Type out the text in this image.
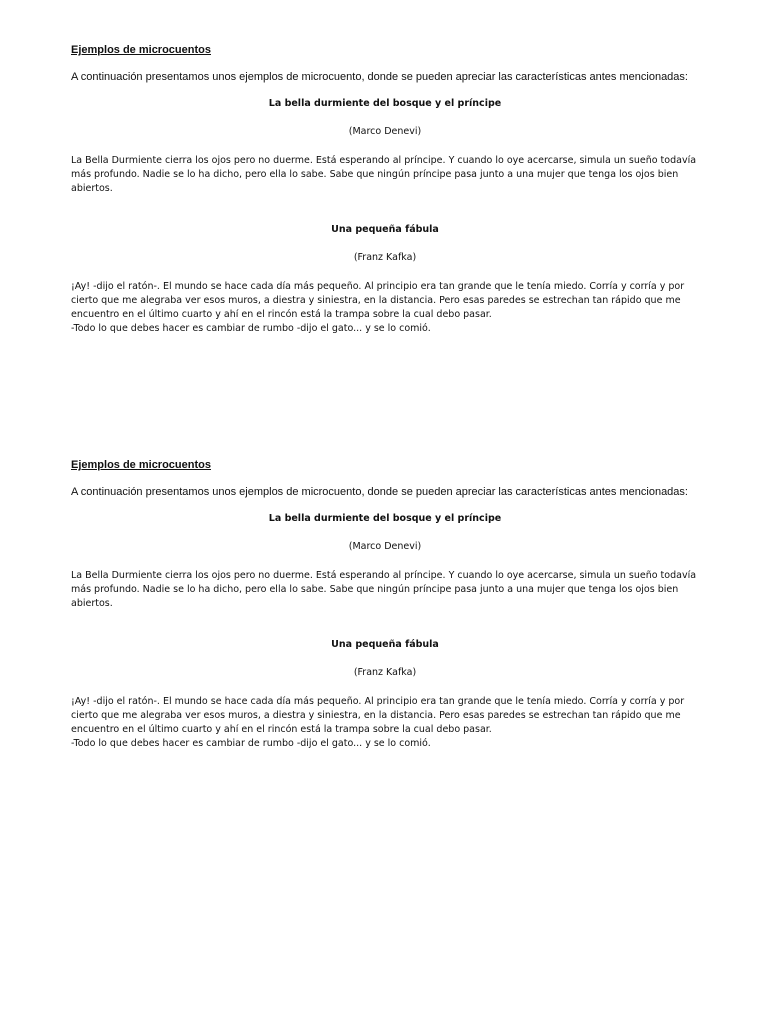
Ejemplos de microcuentos

A continuación presentamos unos ejemplos de microcuento, donde se pueden apreciar las características antes mencionadas:

La bella durmiente del bosque y el príncipe
(Marco Denevi)

La Bella Durmiente cierra los ojos pero no duerme. Está esperando al príncipe. Y cuando lo oye acercarse, simula un sueño todavía más profundo. Nadie se lo ha dicho, pero ella lo sabe. Sabe que ningún príncipe pasa junto a una mujer que tenga los ojos bien abiertos.

Una pequeña fábula
(Franz Kafka)

¡Ay! -dijo el ratón-. El mundo se hace cada día más pequeño. Al principio era tan grande que le tenía miedo. Corría y corría y por cierto que me alegraba ver esos muros, a diestra y siniestra, en la distancia. Pero esas paredes se estrechan tan rápido que me encuentro en el último cuarto y ahí en el rincón está la trampa sobre la cual debo pasar.

-Todo lo que debes hacer es cambiar de rumbo -dijo el gato... y se lo comió.

Ejemplos de microcuentos

A continuación presentamos unos ejemplos de microcuento, donde se pueden apreciar las características antes mencionadas:

La bella durmiente del bosque y el príncipe
(Marco Denevi)

La Bella Durmiente cierra los ojos pero no duerme. Está esperando al príncipe. Y cuando lo oye acercarse, simula un sueño todavía más profundo. Nadie se lo ha dicho, pero ella lo sabe. Sabe que ningún príncipe pasa junto a una mujer que tenga los ojos bien abiertos.

Una pequeña fábula
(Franz Kafka)

¡Ay! -dijo el ratón-. El mundo se hace cada día más pequeño. Al principio era tan grande que le tenía miedo. Corría y corría y por cierto que me alegraba ver esos muros, a diestra y siniestra, en la distancia. Pero esas paredes se estrechan tan rápido que me encuentro en el último cuarto y ahí en el rincón está la trampa sobre la cual debo pasar.

-Todo lo que debes hacer es cambiar de rumbo -dijo el gato... y se lo comió.
